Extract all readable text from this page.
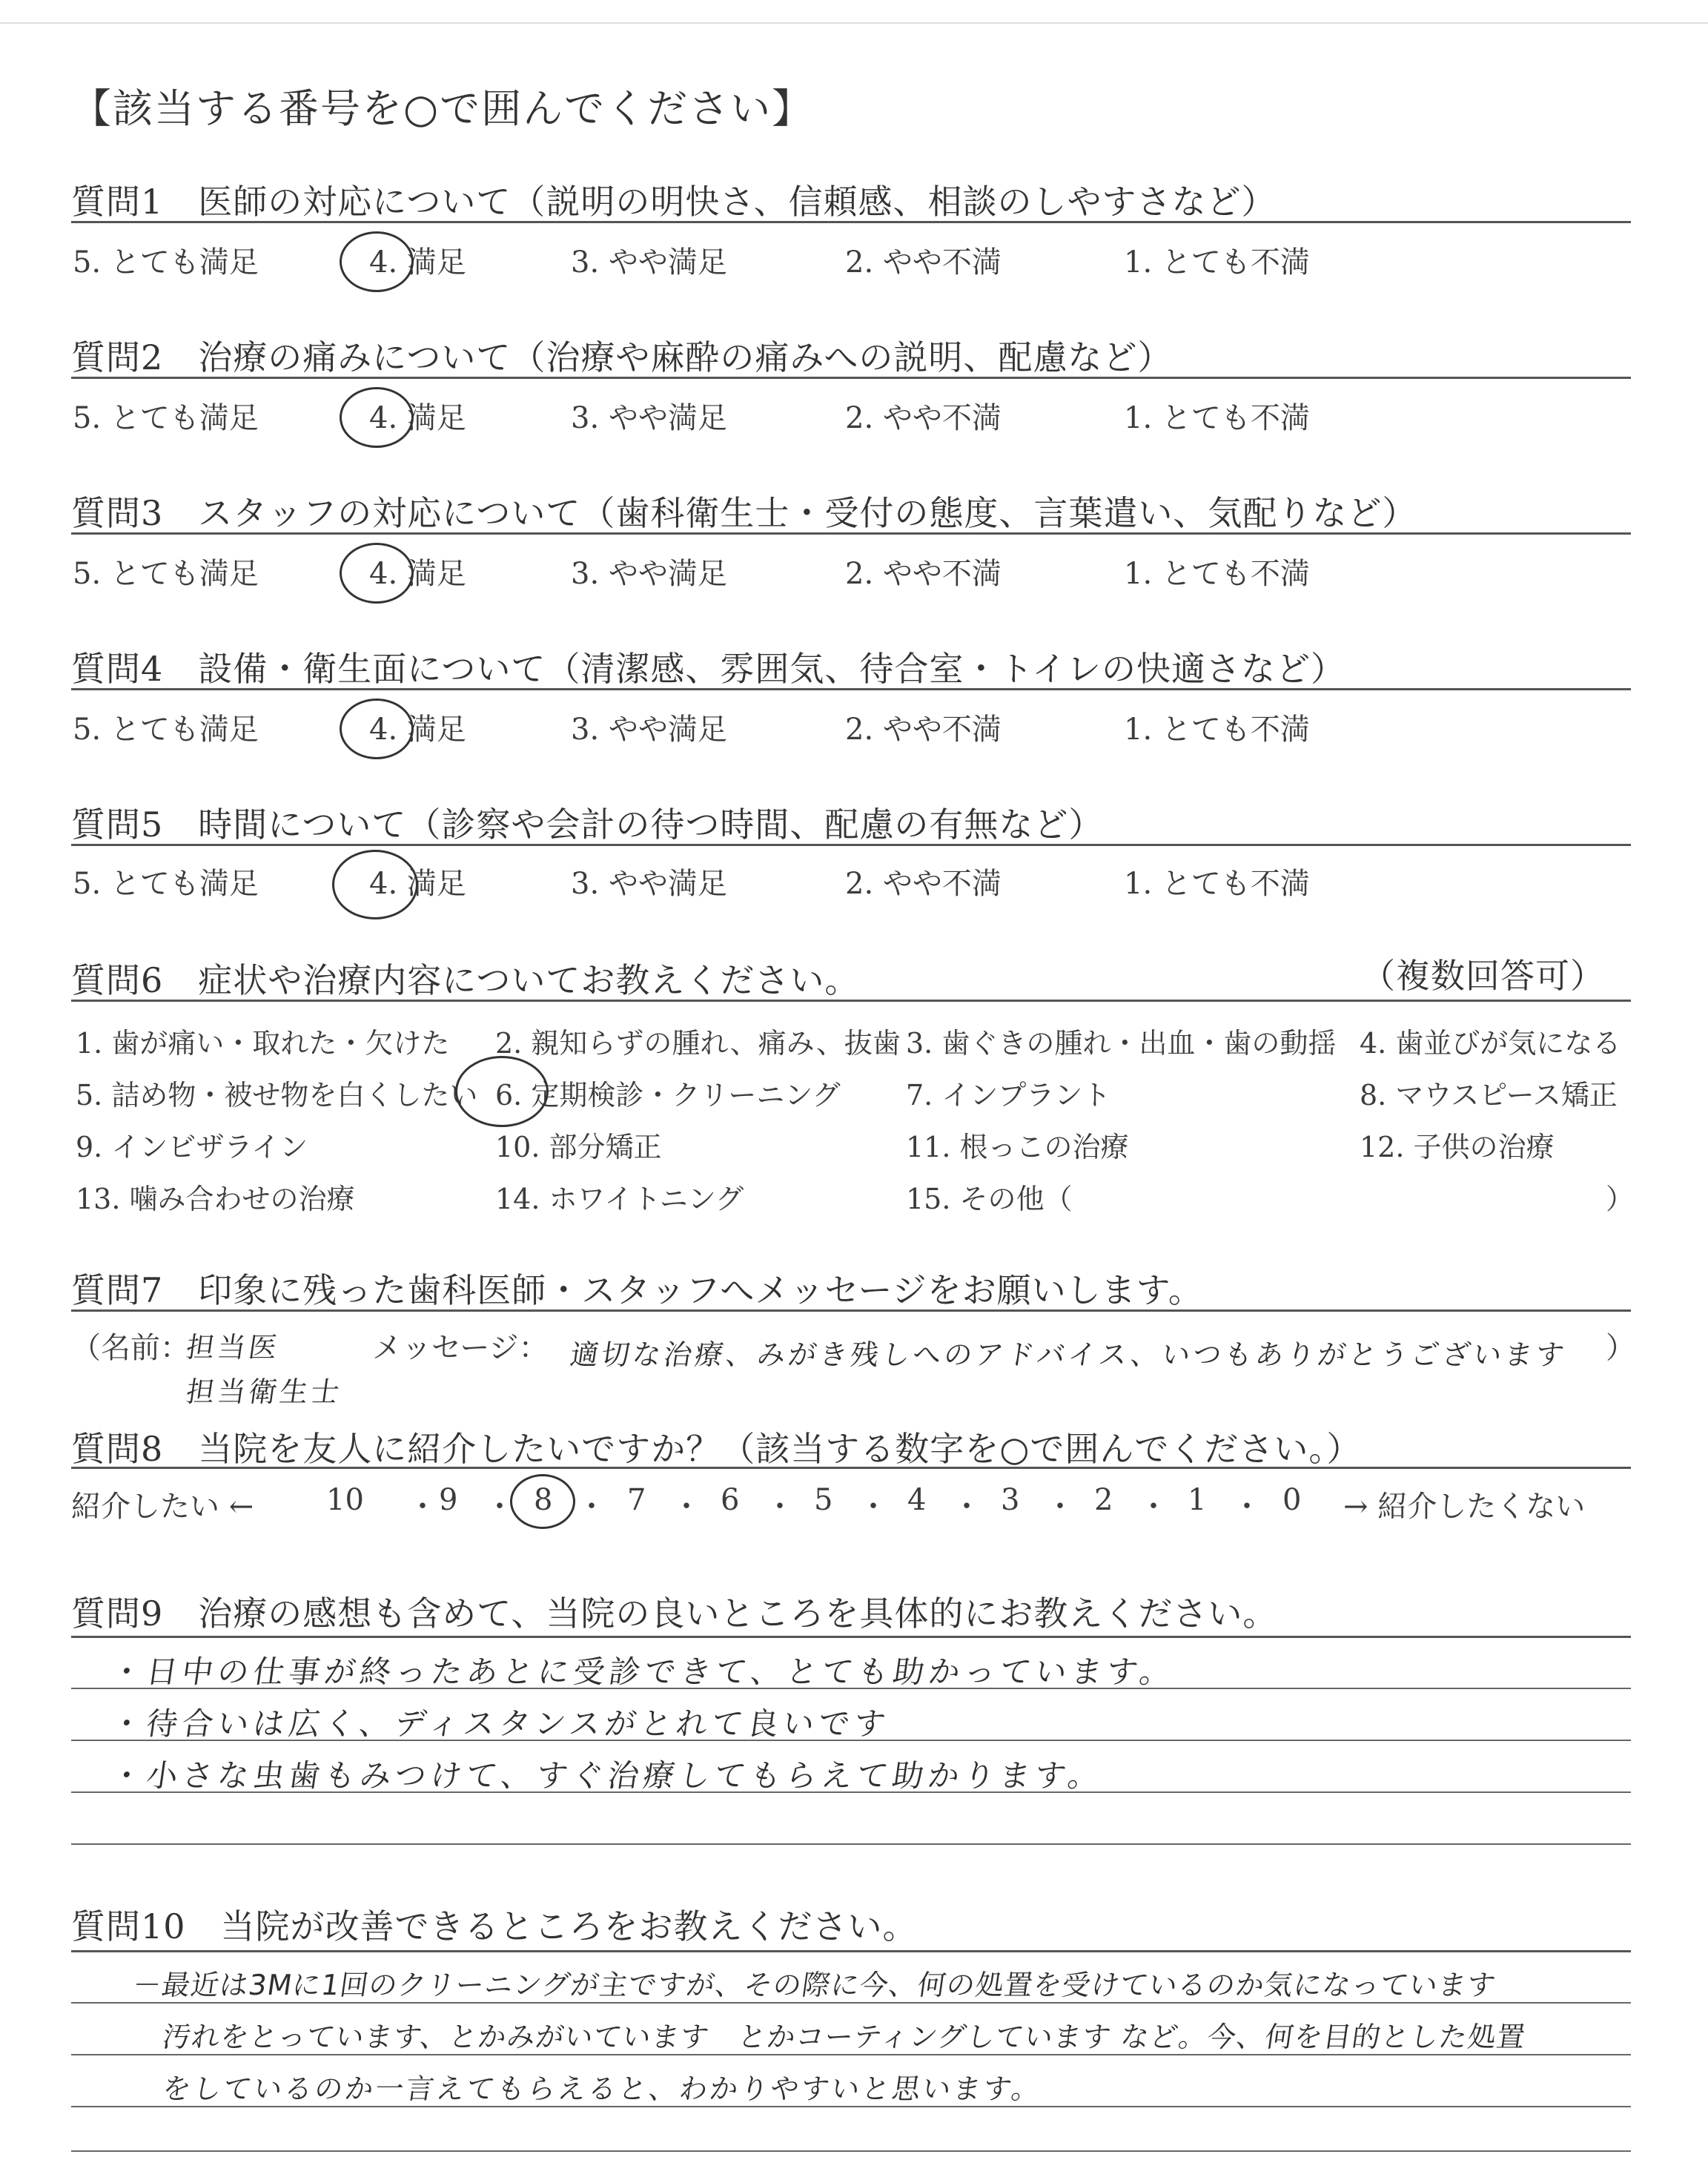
【該当する番号を○で囲んでください】
質問1　医師の対応について（説明の明快さ、信頼感、相談のしやすさなど）
5. とても満足	4. 満足	3. やや満足	2. やや不満	1. とても不満
質問2　治療の痛みについて（治療や麻酔の痛みへの説明、配慮など）
5. とても満足	4. 満足	3. やや満足	2. やや不満	1. とても不満
質問3　スタッフの対応について（歯科衛生士・受付の態度、言葉遣い、気配りなど）
5. とても満足	4. 満足	3. やや満足	2. やや不満	1. とても不満
質問4　設備・衛生面について（清潔感、雰囲気、待合室・トイレの快適さなど）
5. とても満足	4. 満足	3. やや満足	2. やや不満	1. とても不満
質問5　時間について（診察や会計の待つ時間、配慮の有無など）
5. とても満足	4. 満足	3. やや満足	2. やや不満	1. とても不満
質問6　症状や治療内容についてお教えください。	（複数回答可）
1. 歯が痛い・取れた・欠けた 2. 親知らずの腫れ、痛み、抜歯 3. 歯ぐきの腫れ・出血・歯の動揺 4. 歯並びが気になる
5. 詰め物・被せ物を白くしたい 6. 定期検診・クリーニング 7. インプラント	8. マウスピース矯正
9. インビザライン	10. 部分矯正	11. 根っこの治療	12. 子供の治療
13. 噛み合わせの治療	14. ホワイトニング	15. その他（	）
質問7　印象に残った歯科医師・スタッフへメッセージをお願いします。
（名前：
担当医
担当衛生士
メッセージ： 適切な治療、みがき残しへのアドバイス、いつもありがとうございます ）
質問8　当院を友人に紹介したいですか？（該当する数字を○で囲んでください。）
紹介したい ←	→ 紹介したくない
10 ・ 9 ・ 8 ・ 7 ・ 6 ・ 5 ・ 4 ・ 3 ・ 2 ・ 1 ・ 0
質問9　治療の感想も含めて、当院の良いところを具体的にお教えください。
・日中の仕事が終ったあとに受診できて、とても助かっています。
・待合いは広く、ディスタンスがとれて良いです
・小さな虫歯もみつけて、すぐ治療してもらえて助かります。
質問10　当院が改善できるところをお教えください。
－最近は3Mに1回のクリーニングが主ですが、その際に今、何の処置を受けているのか気になっています
汚れをとっています、とかみがいています　とかコーティングしています など。今、何を目的とした処置
をしているのか一言えてもらえると、わかりやすいと思います。
